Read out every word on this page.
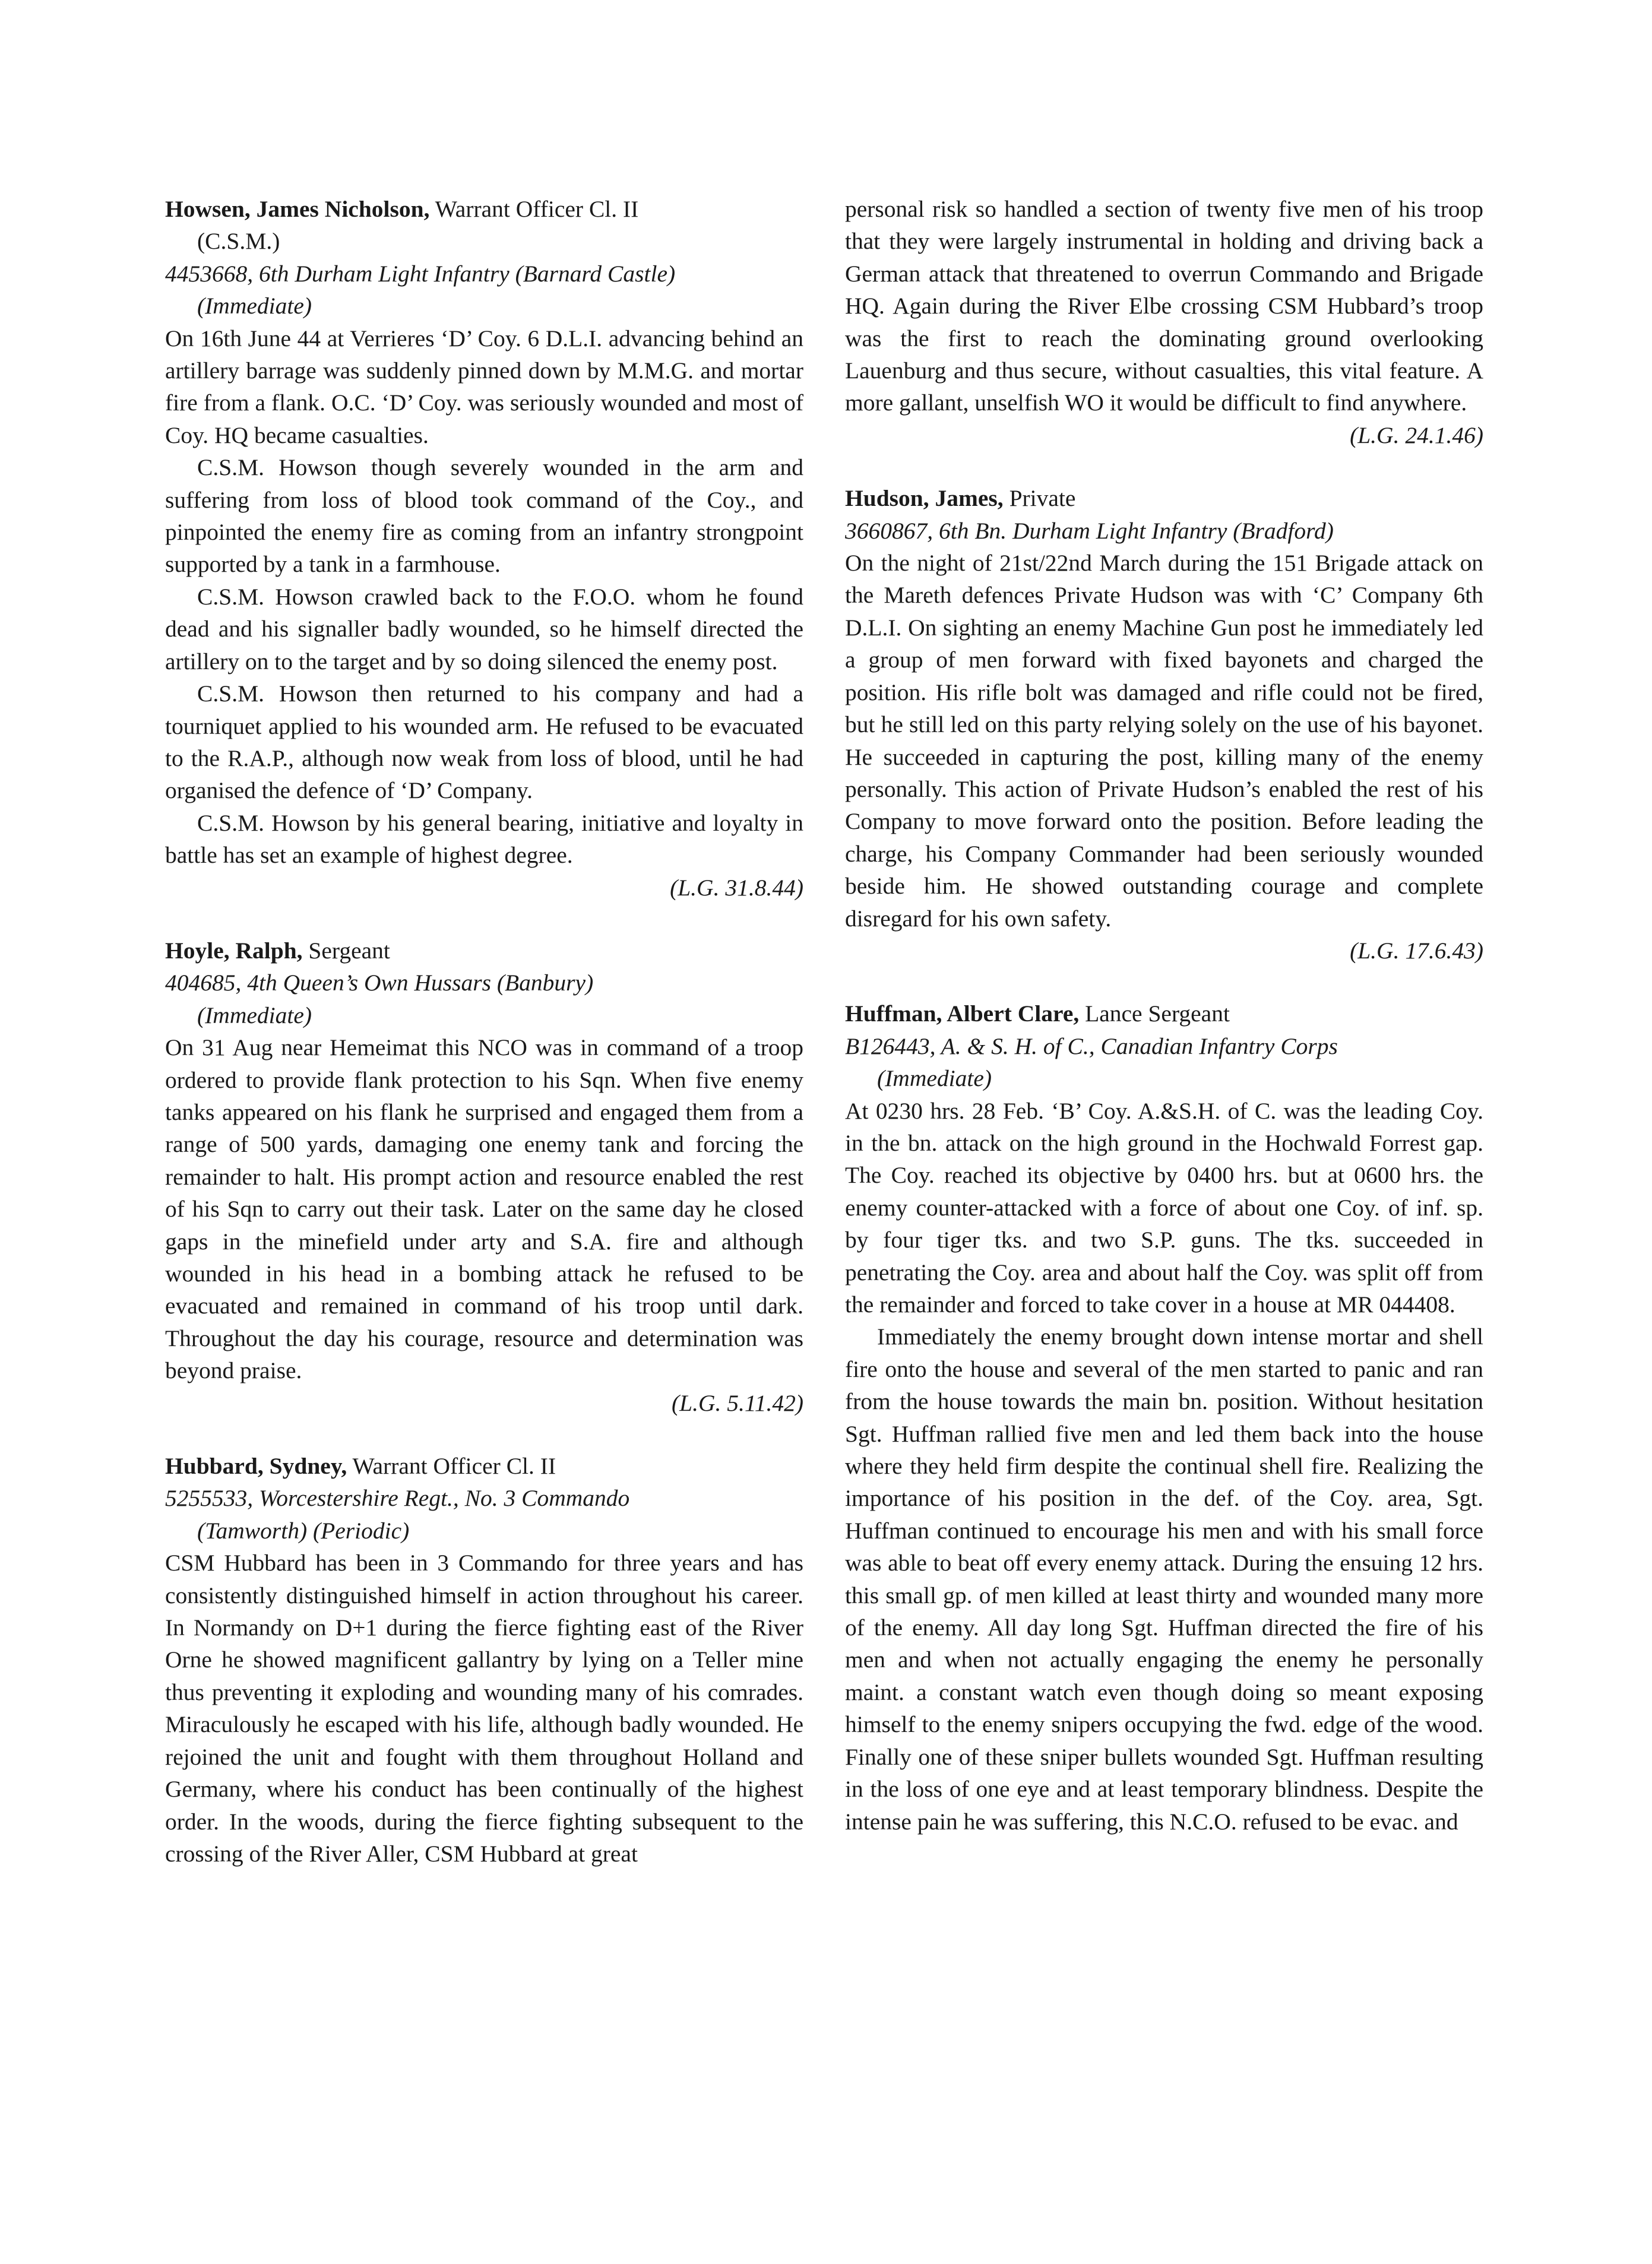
Howsen, James Nicholson, Warrant Officer Cl. II
(C.S.M.)
4453668, 6th Durham Light Infantry (Barnard Castle)
(Immediate)

On 16th June 44 at Verrieres ‘D’ Coy. 6 D.L.I. advancing behind an artillery barrage was suddenly pinned down by M.M.G. and mortar fire from a flank. O.C. ‘D’ Coy. was seriously wounded and most of Coy. HQ became casualties.

C.S.M. Howson though severely wounded in the arm and suffering from loss of blood took command of the Coy., and pinpointed the enemy fire as coming from an infantry strongpoint supported by a tank in a farmhouse.

C.S.M. Howson crawled back to the F.O.O. whom he found dead and his signaller badly wounded, so he himself directed the artillery on to the target and by so doing silenced the enemy post.

C.S.M. Howson then returned to his company and had a tourniquet applied to his wounded arm. He refused to be evacuated to the R.A.P., although now weak from loss of blood, until he had organised the defence of ‘D’ Company.

C.S.M. Howson by his general bearing, initiative and loyalty in battle has set an example of highest degree.

(L.G. 31.8.44)
Hoyle, Ralph, Sergeant
404685, 4th Queen’s Own Hussars (Banbury)
(Immediate)

On 31 Aug near Hemeimat this NCO was in command of a troop ordered to provide flank protection to his Sqn. When five enemy tanks appeared on his flank he surprised and engaged them from a range of 500 yards, damaging one enemy tank and forcing the remainder to halt. His prompt action and resource enabled the rest of his Sqn to carry out their task. Later on the same day he closed gaps in the minefield under arty and S.A. fire and although wounded in his head in a bombing attack he refused to be evacuated and remained in command of his troop until dark. Throughout the day his courage, resource and determination was beyond praise.

(L.G. 5.11.42)
Hubbard, Sydney, Warrant Officer Cl. II
5255533, Worcestershire Regt., No. 3 Commando
(Tamworth) (Periodic)

CSM Hubbard has been in 3 Commando for three years and has consistently distinguished himself in action throughout his career. In Normandy on D+1 during the fierce fighting east of the River Orne he showed magnificent gallantry by lying on a Teller mine thus preventing it exploding and wounding many of his comrades. Miraculously he escaped with his life, although badly wounded. He rejoined the unit and fought with them throughout Holland and Germany, where his conduct has been continually of the highest order. In the woods, during the fierce fighting subsequent to the crossing of the River Aller, CSM Hubbard at great

personal risk so handled a section of twenty five men of his troop that they were largely instrumental in holding and driving back a German attack that threatened to overrun Commando and Brigade HQ. Again during the River Elbe crossing CSM Hubbard’s troop was the first to reach the dominating ground overlooking Lauenburg and thus secure, without casualties, this vital feature. A more gallant, unselfish WO it would be difficult to find anywhere.

(L.G. 24.1.46)
Hudson, James, Private
3660867, 6th Bn. Durham Light Infantry (Bradford)

On the night of 21st/22nd March during the 151 Brigade attack on the Mareth defences Private Hudson was with ‘C’ Company 6th D.L.I. On sighting an enemy Machine Gun post he immediately led a group of men forward with fixed bayonets and charged the position. His rifle bolt was damaged and rifle could not be fired, but he still led on this party relying solely on the use of his bayonet. He succeeded in capturing the post, killing many of the enemy personally. This action of Private Hudson’s enabled the rest of his Company to move forward onto the position. Before leading the charge, his Company Commander had been seriously wounded beside him. He showed outstanding courage and complete disregard for his own safety.

(L.G. 17.6.43)
Huffman, Albert Clare, Lance Sergeant
B126443, A. & S. H. of C., Canadian Infantry Corps
(Immediate)

At 0230 hrs. 28 Feb. ‘B’ Coy. A.&S.H. of C. was the leading Coy. in the bn. attack on the high ground in the Hochwald Forrest gap. The Coy. reached its objective by 0400 hrs. but at 0600 hrs. the enemy counter-attacked with a force of about one Coy. of inf. sp. by four tiger tks. and two S.P. guns. The tks. succeeded in penetrating the Coy. area and about half the Coy. was split off from the remainder and forced to take cover in a house at MR 044408.

Immediately the enemy brought down intense mortar and shell fire onto the house and several of the men started to panic and ran from the house towards the main bn. position. Without hesitation Sgt. Huffman rallied five men and led them back into the house where they held firm despite the continual shell fire. Realizing the importance of his position in the def. of the Coy. area, Sgt. Huffman continued to encourage his men and with his small force was able to beat off every enemy attack. During the ensuing 12 hrs. this small gp. of men killed at least thirty and wounded many more of the enemy. All day long Sgt. Huffman directed the fire of his men and when not actually engaging the enemy he personally maint. a constant watch even though doing so meant exposing himself to the enemy snipers occupying the fwd. edge of the wood. Finally one of these sniper bullets wounded Sgt. Huffman resulting in the loss of one eye and at least temporary blindness. Despite the intense pain he was suffering, this N.C.O. refused to be evac. and
